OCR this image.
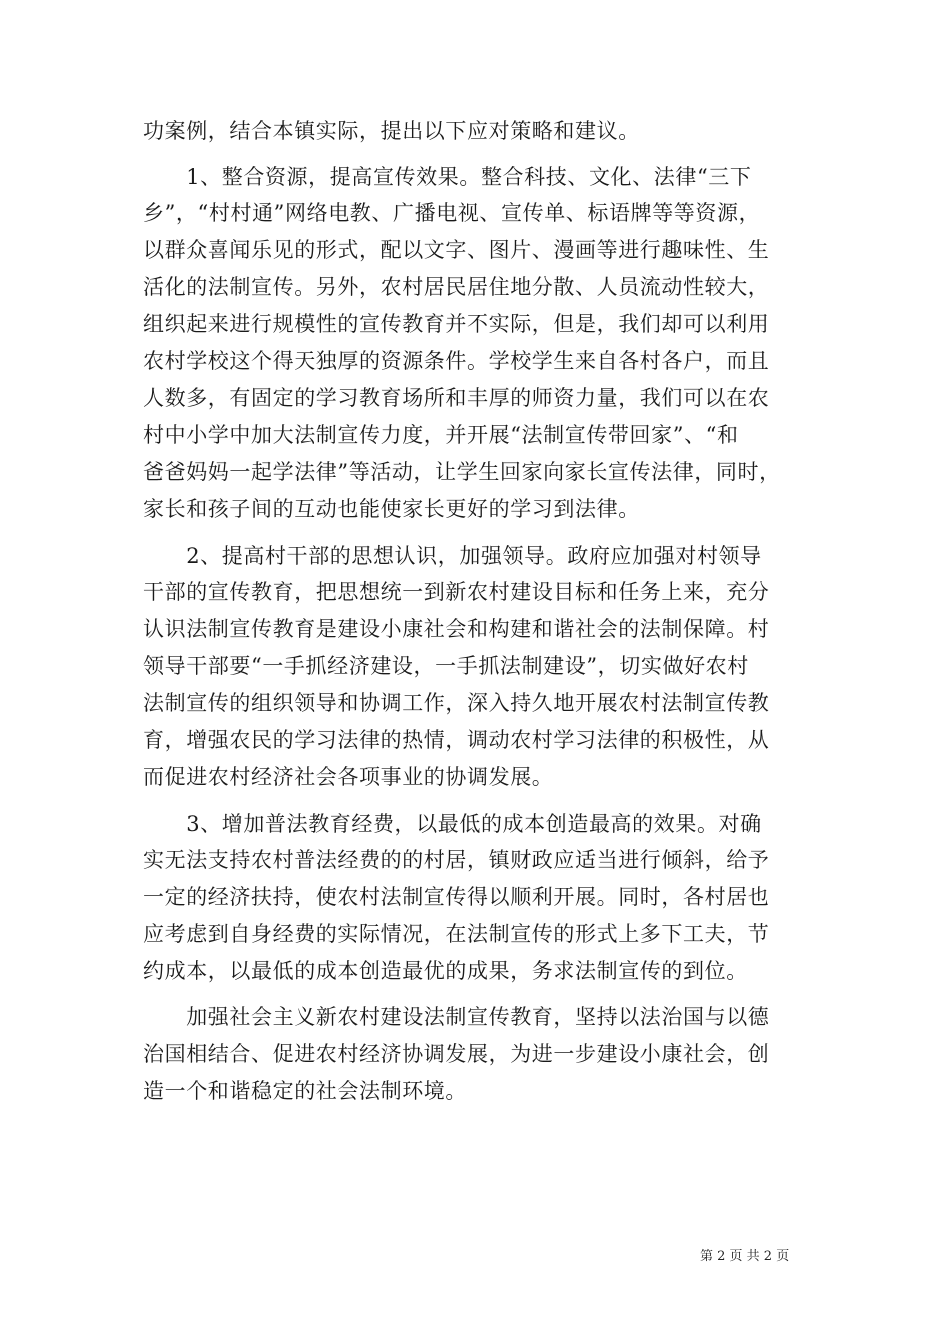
功案例，结合本镇实际，提出以下应对策略和建议。
　　1、整合资源，提高宣传效果。整合科技、文化、法律“三下
乡”，“村村通”网络电教、广播电视、宣传单、标语牌等等资源，
以群众喜闻乐见的形式，配以文字、图片、漫画等进行趣味性、生
活化的法制宣传。另外，农村居民居住地分散、人员流动性较大，
组织起来进行规模性的宣传教育并不实际，但是，我们却可以利用
农村学校这个得天独厚的资源条件。学校学生来自各村各户，而且
人数多，有固定的学习教育场所和丰厚的师资力量，我们可以在农
村中小学中加大法制宣传力度，并开展“法制宣传带回家”、“和
爸爸妈妈一起学法律”等活动，让学生回家向家长宣传法律，同时，
家长和孩子间的互动也能使家长更好的学习到法律。
　　2、提高村干部的思想认识，加强领导。政府应加强对村领导
干部的宣传教育，把思想统一到新农村建设目标和任务上来，充分
认识法制宣传教育是建设小康社会和构建和谐社会的法制保障。村
领导干部要“一手抓经济建设，一手抓法制建设”，切实做好农村
法制宣传的组织领导和协调工作，深入持久地开展农村法制宣传教
育，增强农民的学习法律的热情，调动农村学习法律的积极性，从
而促进农村经济社会各项事业的协调发展。
　　3、增加普法教育经费，以最低的成本创造最高的效果。对确
实无法支持农村普法经费的的村居，镇财政应适当进行倾斜，给予
一定的经济扶持，使农村法制宣传得以顺利开展。同时，各村居也
应考虑到自身经费的实际情况，在法制宣传的形式上多下工夫，节
约成本，以最低的成本创造最优的成果，务求法制宣传的到位。
　　加强社会主义新农村建设法制宣传教育，坚持以法治国与以德
治国相结合、促进农村经济协调发展，为进一步建设小康社会，创
造一个和谐稳定的社会法制环境。
第 2 页 共 2 页
